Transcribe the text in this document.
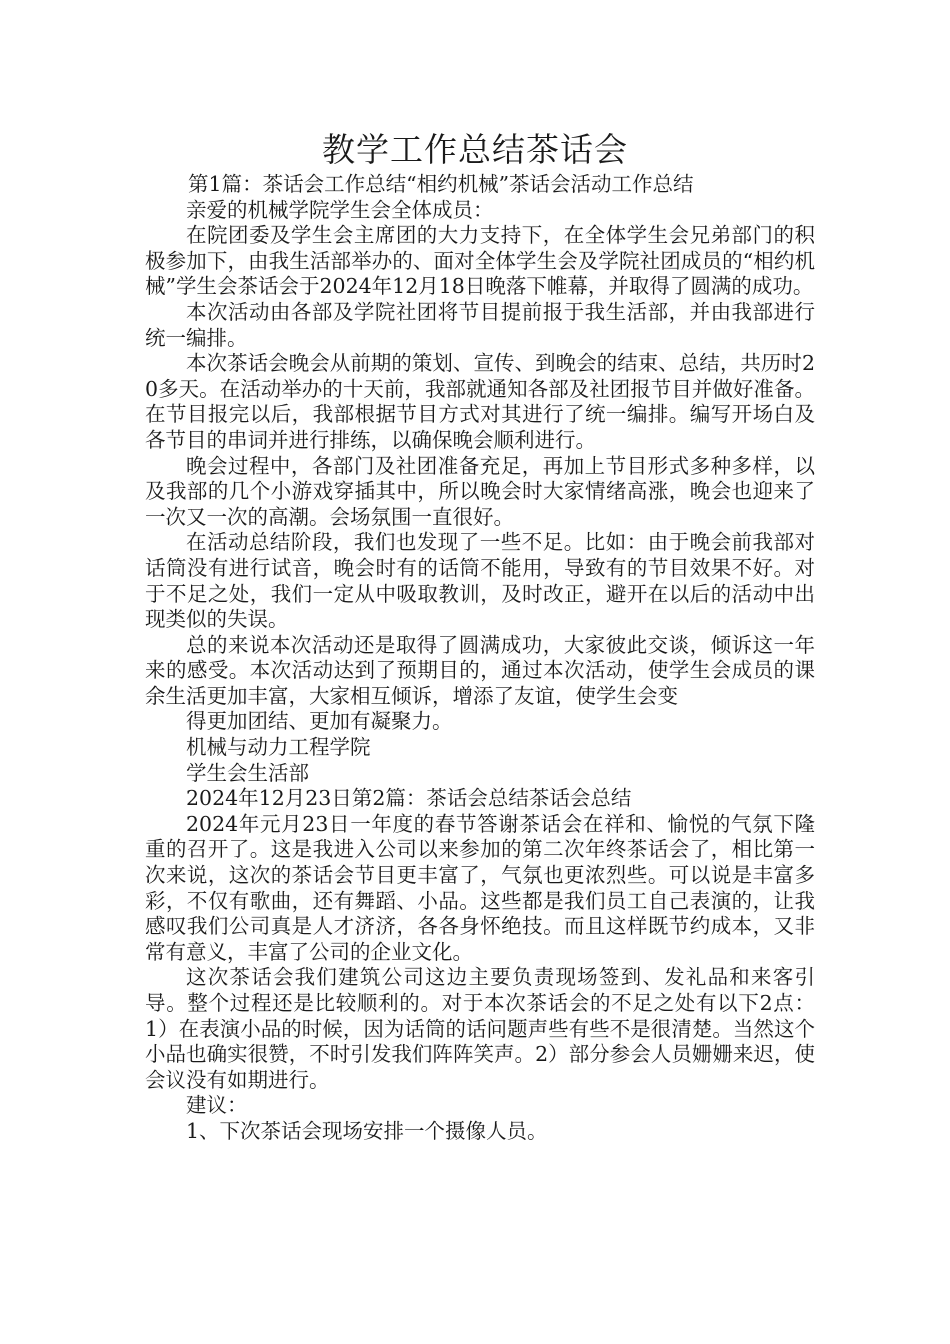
教学工作总结茶话会

第1篇：茶话会工作总结“相约机械”茶话会活动工作总结

亲爱的机械学院学生会全体成员：

在院团委及学生会主席团的大力支持下，在全体学生会兄弟部门的积极参加下，由我生活部举办的、面对全体学生会及学院社团成员的“相约机械”学生会茶话会于2024年12月18日晚落下帷幕，并取得了圆满的成功。

本次活动由各部及学院社团将节目提前报于我生活部，并由我部进行统一编排。

本次茶话会晚会从前期的策划、宣传、到晚会的结束、总结，共历时20多天。在活动举办的十天前，我部就通知各部及社团报节目并做好准备。在节目报完以后，我部根据节目方式对其进行了统一编排。编写开场白及各节目的串词并进行排练，以确保晚会顺利进行。

晚会过程中，各部门及社团准备充足，再加上节目形式多种多样，以及我部的几个小游戏穿插其中，所以晚会时大家情绪高涨，晚会也迎来了一次又一次的高潮。会场氛围一直很好。

在活动总结阶段，我们也发现了一些不足。比如：由于晚会前我部对话筒没有进行试音，晚会时有的话筒不能用，导致有的节目效果不好。对于不足之处，我们一定从中吸取教训，及时改正，避开在以后的活动中出现类似的失误。

总的来说本次活动还是取得了圆满成功，大家彼此交谈，倾诉这一年来的感受。本次活动达到了预期目的，通过本次活动，使学生会成员的课余生活更加丰富，大家相互倾诉，增添了友谊，使学生会变

得更加团结、更加有凝聚力。

机械与动力工程学院

学生会生活部

2024年12月23日第2篇：茶话会总结茶话会总结

2024年元月23日一年度的春节答谢茶话会在祥和、愉悦的气氛下隆重的召开了。这是我进入公司以来参加的第二次年终茶话会了，相比第一次来说，这次的茶话会节目更丰富了，气氛也更浓烈些。可以说是丰富多彩，不仅有歌曲，还有舞蹈、小品。这些都是我们员工自己表演的，让我感叹我们公司真是人才济济，各各身怀绝技。而且这样既节约成本，又非常有意义，丰富了公司的企业文化。

这次茶话会我们建筑公司这边主要负责现场签到、发礼品和来客引导。整个过程还是比较顺利的。对于本次茶话会的不足之处有以下2点：1）在表演小品的时候，因为话筒的话问题声些有些不是很清楚。当然这个小品也确实很赞，不时引发我们阵阵笑声。2）部分参会人员姗姗来迟，使会议没有如期进行。

建议：

1、下次茶话会现场安排一个摄像人员。
